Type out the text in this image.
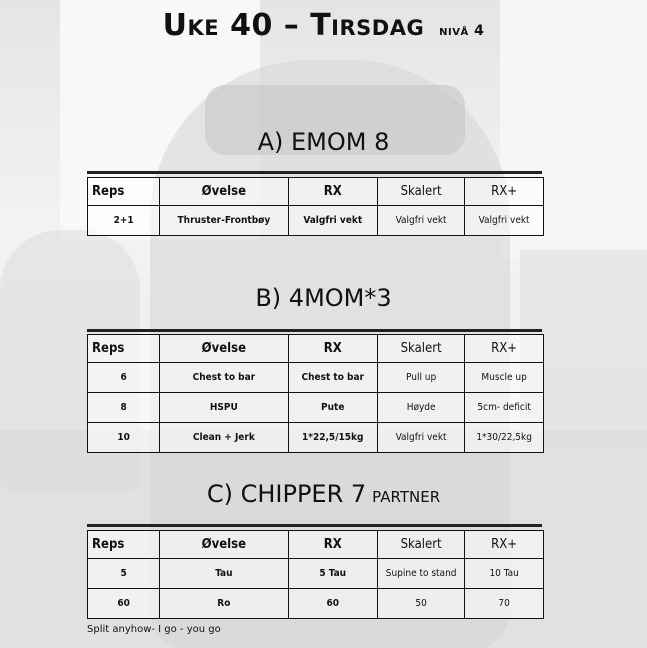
Uke 40 – Tirsdag nivå 4
A) EMOM 8
Reps	Øvelse	RX	Skalert	RX+
2+1	Thruster-Frontbøy	Valgfri vekt	Valgfri vekt	Valgfri vekt
B) 4MOM*3
Reps	Øvelse	RX	Skalert	RX+
6	Chest to bar	Chest to bar	Pull up	Muscle up
8	HSPU	Pute	Høyde	5cm- deficit
10	Clean + Jerk	1*22,5/15kg	Valgfri vekt	1*30/22,5kg
C) CHIPPER 7 PARTNER
Reps	Øvelse	RX	Skalert	RX+
5	Tau	5 Tau	Supine to stand	10 Tau
60	Ro	60	50	70
Split anyhow- I go - you go
